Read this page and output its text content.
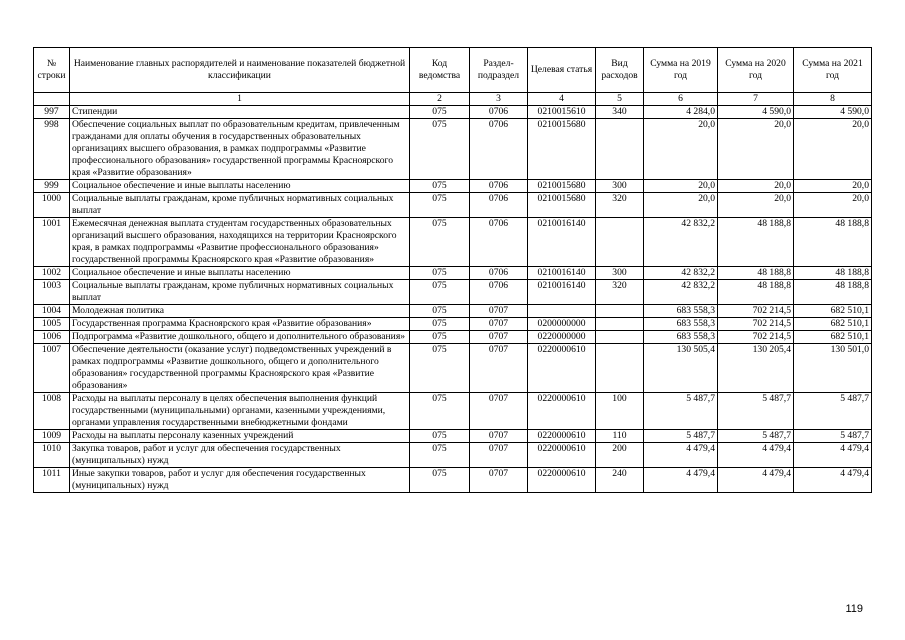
№ строки	Наименование главных распорядителей и наименование показателей бюджетной классификации	Код ведомства	Раздел-подраздел	Целевая статья	Вид расходов	Сумма на 2019 год	Сумма на 2020 год	Сумма на 2021 год
	1	2	3	4	5	6	7	8
997	Стипендии	075	0706	0210015610	340	4 284,0	4 590,0	4 590,0
998	Обеспечение социальных выплат по образовательным кредитам, привлеченным гражданами для оплаты обучения в государственных образовательных организациях высшего образования, в рамках подпрограммы «Развитие профессионального образования» государственной программы Красноярского края «Развитие образования»	075	0706	0210015680		20,0	20,0	20,0
999	Социальное обеспечение и иные выплаты населению	075	0706	0210015680	300	20,0	20,0	20,0
1000	Социальные выплаты гражданам, кроме публичных нормативных социальных выплат	075	0706	0210015680	320	20,0	20,0	20,0
1001	Ежемесячная денежная выплата студентам государственных образовательных организаций высшего образования, находящихся на территории Красноярского края, в рамках подпрограммы «Развитие профессионального образования» государственной программы Красноярского края «Развитие образования»	075	0706	0210016140		42 832,2	48 188,8	48 188,8
1002	Социальное обеспечение и иные выплаты населению	075	0706	0210016140	300	42 832,2	48 188,8	48 188,8
1003	Социальные выплаты гражданам, кроме публичных нормативных социальных выплат	075	0706	0210016140	320	42 832,2	48 188,8	48 188,8
1004	Молодежная политика	075	0707			683 558,3	702 214,5	682 510,1
1005	Государственная программа Красноярского края «Развитие образования»	075	0707	0200000000		683 558,3	702 214,5	682 510,1
1006	Подпрограмма «Развитие дошкольного, общего и дополнительного образования»	075	0707	0220000000		683 558,3	702 214,5	682 510,1
1007	Обеспечение деятельности (оказание услуг) подведомственных учреждений в рамках подпрограммы «Развитие дошкольного, общего и дополнительного образования» государственной программы Красноярского края «Развитие образования»	075	0707	0220000610		130 505,4	130 205,4	130 501,0
1008	Расходы на выплаты персоналу в целях обеспечения выполнения функций государственными (муниципальными) органами, казенными учреждениями, органами управления государственными внебюджетными фондами	075	0707	0220000610	100	5 487,7	5 487,7	5 487,7
1009	Расходы на выплаты персоналу казенных учреждений	075	0707	0220000610	110	5 487,7	5 487,7	5 487,7
1010	Закупка товаров, работ и услуг для обеспечения государственных (муниципальных) нужд	075	0707	0220000610	200	4 479,4	4 479,4	4 479,4
1011	Иные закупки товаров, работ и услуг для обеспечения государственных (муниципальных) нужд	075	0707	0220000610	240	4 479,4	4 479,4	4 479,4
119
